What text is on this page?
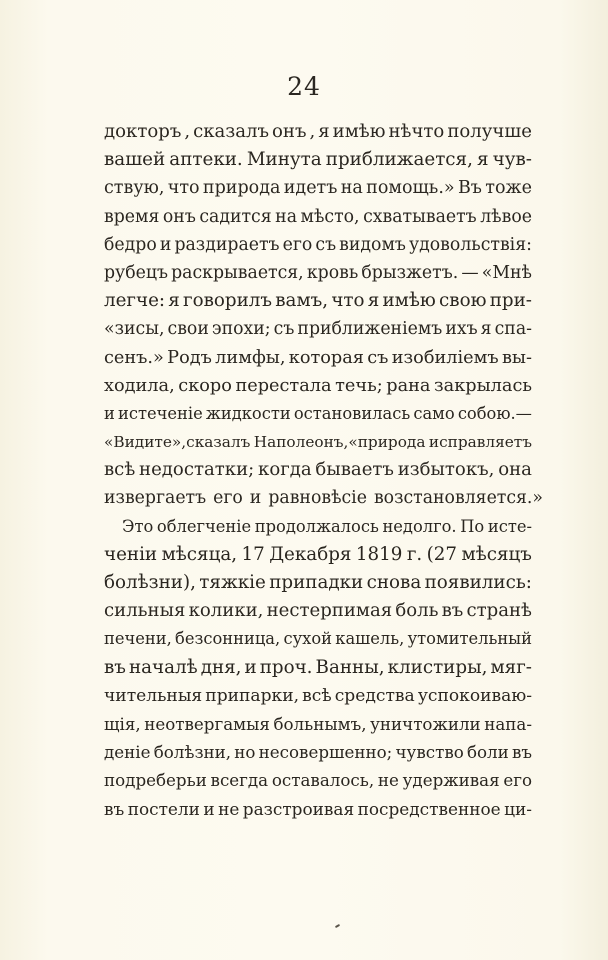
24
докторъ , сказалъ онъ , я имѣю нѣчто получше
вашей аптеки. Минута приближается, я чув-
ствую, что природа идетъ на помощь.» Въ тоже
время онъ садится на мѣсто, схватываетъ лѣвое
бедро и раздираетъ его съ видомъ удовольствія:
рубецъ раскрывается, кровь брызжетъ. — «Мнѣ
легче: я говорилъ вамъ, что я имѣю свою при-
«зисы, свои эпохи; съ приближеніемъ ихъ я спа-
сенъ.» Родъ лимфы, которая съ изобиліемъ вы-
ходила, скоро перестала течь; рана закрылась
и истеченіе жидкости остановилась само собою.—
«Видите»,сказалъ Наполеонъ,«природа исправляетъ
всѣ недостатки; когда бываетъ избытокъ, она
извергаетъ его и равновѣсіе возстановляется.»
Это облегченіе продолжалось недолго. По исте-
ченіи мѣсяца, 17 Декабря 1819 г. (27 мѣсяцъ
болѣзни), тяжкіе припадки снова появились:
сильныя колики, нестерпимая боль въ странѣ
печени, безсонница, сухой кашель, утомительный
въ началѣ дня, и проч. Ванны, клистиры, мяг-
чительныя припарки, всѣ средства успокоиваю-
щія, неотвергамыя больнымъ, уничтожили напа-
деніе болѣзни, но несовершенно; чувство боли въ
подреберьи всегда оставалось, не удерживая его
въ постели и не разстроивая посредственное ци-
